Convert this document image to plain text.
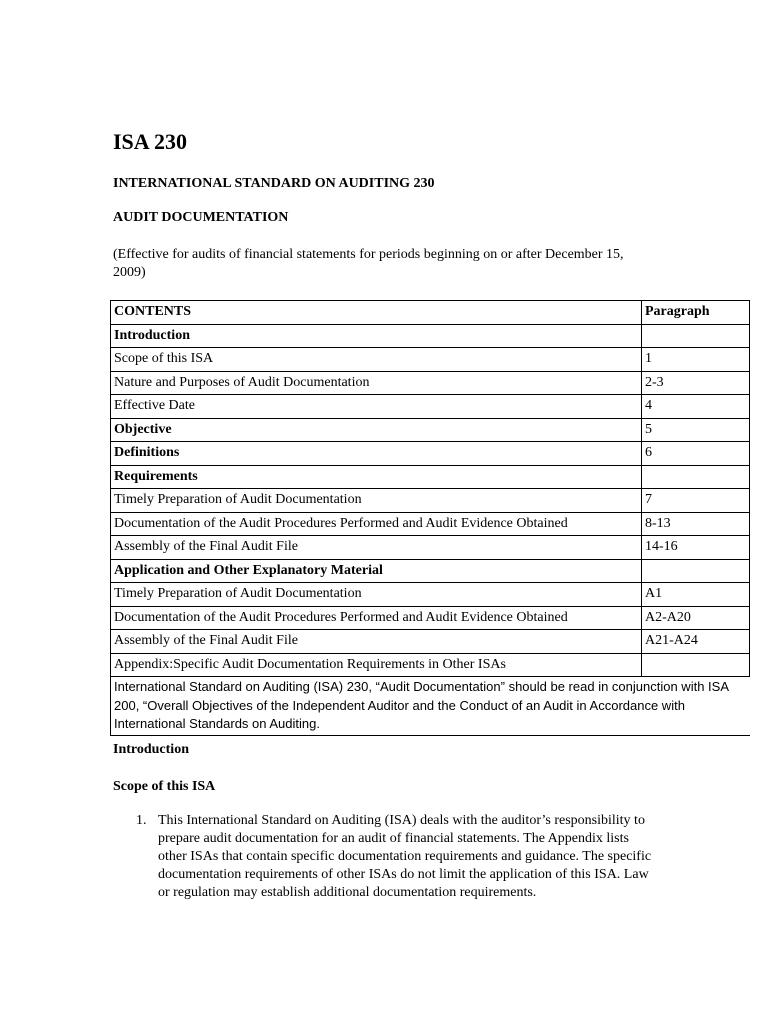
ISA 230
INTERNATIONAL STANDARD ON AUDITING 230
AUDIT DOCUMENTATION
(Effective for audits of financial statements for periods beginning on or after December 15, 2009)
CONTENTS	Paragraph
Introduction	
Scope of this ISA	1
Nature and Purposes of Audit Documentation	2-3
Effective Date	4
Objective	5
Definitions	6
Requirements	
Timely Preparation of Audit Documentation	7
Documentation of the Audit Procedures Performed and Audit Evidence Obtained	8-13
Assembly of the Final Audit File	14-16
Application and Other Explanatory Material	
Timely Preparation of Audit Documentation	A1
Documentation of the Audit Procedures Performed and Audit Evidence Obtained	A2-A20
Assembly of the Final Audit File	A21-A24
Appendix:Specific Audit Documentation Requirements in Other ISAs	
International Standard on Auditing (ISA) 230, “Audit Documentation” should be read in conjunction with ISA 200, “Overall Objectives of the Independent Auditor and the Conduct of an Audit in Accordance with International Standards on Auditing.	
Introduction
Scope of this ISA
1. This International Standard on Auditing (ISA) deals with the auditor’s responsibility to prepare audit documentation for an audit of financial statements. The Appendix lists other ISAs that contain specific documentation requirements and guidance. The specific documentation requirements of other ISAs do not limit the application of this ISA. Law or regulation may establish additional documentation requirements.
